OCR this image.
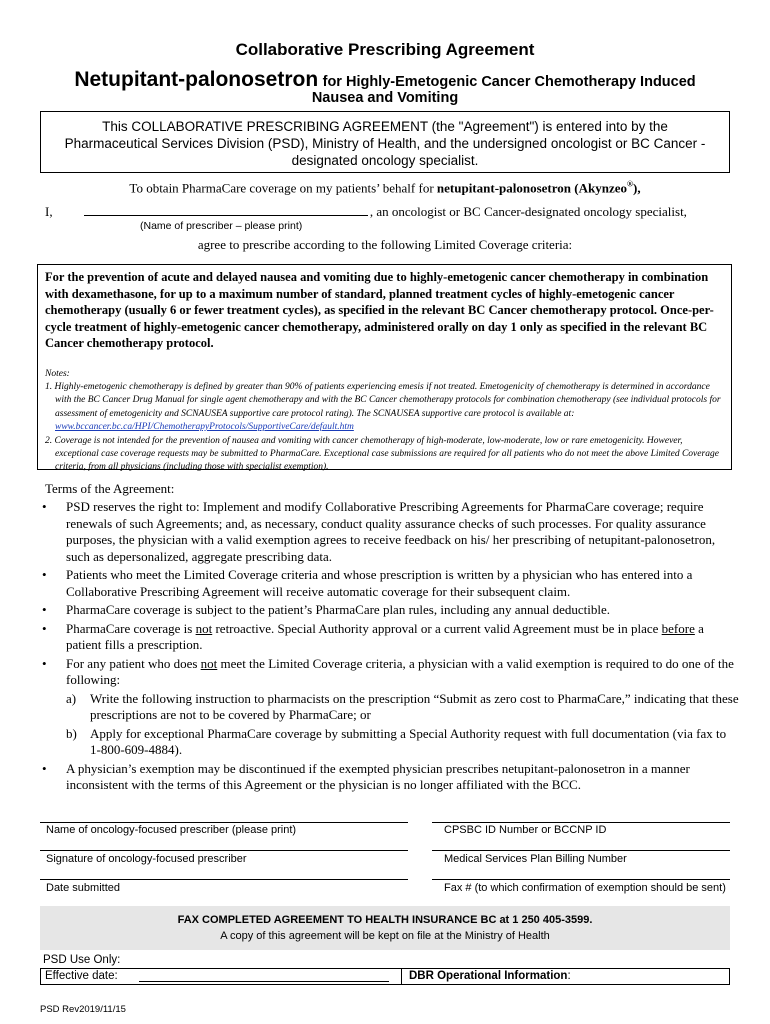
Collaborative Prescribing Agreement
Netupitant-palonosetron for Highly-Emetogenic Cancer Chemotherapy Induced
Nausea and Vomiting
This COLLABORATIVE PRESCRIBING AGREEMENT (the "Agreement") is entered into by the Pharmaceutical Services Division (PSD), Ministry of Health, and the undersigned oncologist or BC Cancer -designated oncology specialist.
To obtain PharmaCare coverage on my patients’ behalf for netupitant-palonosetron (Akynzeo®),
I,	, an oncologist or BC Cancer-designated oncology specialist,
(Name of prescriber – please print)
agree to prescribe according to the following Limited Coverage criteria:
For the prevention of acute and delayed nausea and vomiting due to highly-emetogenic cancer chemotherapy in combination with dexamethasone, for up to a maximum number of standard, planned treatment cycles of highly-emetogenic cancer chemotherapy (usually 6 or fewer treatment cycles), as specified in the relevant BC Cancer chemotherapy protocol. Once-per-cycle treatment of highly-emetogenic cancer chemotherapy, administered orally on day 1 only as specified in the relevant BC Cancer chemotherapy protocol.
Notes:
1. Highly-emetogenic chemotherapy is defined by greater than 90% of patients experiencing emesis if not treated. Emetogenicity of chemotherapy is determined in accordance with the BC Cancer Drug Manual for single agent chemotherapy and with the BC Cancer chemotherapy protocols for combination chemotherapy (see individual protocols for assessment of emetogenicity and SCNAUSEA supportive care protocol rating). The SCNAUSEA supportive care protocol is available at: www.bccancer.bc.ca/HPI/ChemotherapyProtocols/SupportiveCare/default.htm
2. Coverage is not intended for the prevention of nausea and vomiting with cancer chemotherapy of high-moderate, low-moderate, low or rare emetogenicity. However, exceptional case coverage requests may be submitted to PharmaCare. Exceptional case submissions are required for all patients who do not meet the above Limited Coverage criteria, from all physicians (including those with specialist exemption).
Terms of the Agreement:
• PSD reserves the right to: Implement and modify Collaborative Prescribing Agreements for PharmaCare coverage; require renewals of such Agreements; and, as necessary, conduct quality assurance checks of such processes. For quality assurance purposes, the physician with a valid exemption agrees to receive feedback on his/ her prescribing of netupitant-palonosetron, such as depersonalized, aggregate prescribing data.
• Patients who meet the Limited Coverage criteria and whose prescription is written by a physician who has entered into a Collaborative Prescribing Agreement will receive automatic coverage for their subsequent claim.
• PharmaCare coverage is subject to the patient’s PharmaCare plan rules, including any annual deductible.
• PharmaCare coverage is not retroactive. Special Authority approval or a current valid Agreement must be in place before a patient fills a prescription.
• For any patient who does not meet the Limited Coverage criteria, a physician with a valid exemption is required to do one of the following:
a) Write the following instruction to pharmacists on the prescription “Submit as zero cost to PharmaCare,” indicating that these prescriptions are not to be covered by PharmaCare; or
b) Apply for exceptional PharmaCare coverage by submitting a Special Authority request with full documentation (via fax to 1-800-609-4884).
• A physician’s exemption may be discontinued if the exempted physician prescribes netupitant-palonosetron in a manner inconsistent with the terms of this Agreement or the physician is no longer affiliated with the BCC.
Name of oncology-focused prescriber (please print)	CPSBC ID Number or BCCNP ID
Signature of oncology-focused prescriber	Medical Services Plan Billing Number
Date submitted	Fax # (to which confirmation of exemption should be sent)
FAX COMPLETED AGREEMENT TO HEALTH INSURANCE BC at 1 250 405-3599.
A copy of this agreement will be kept on file at the Ministry of Health
PSD Use Only:
Effective date:	DBR Operational Information:
PSD Rev2019/11/15
